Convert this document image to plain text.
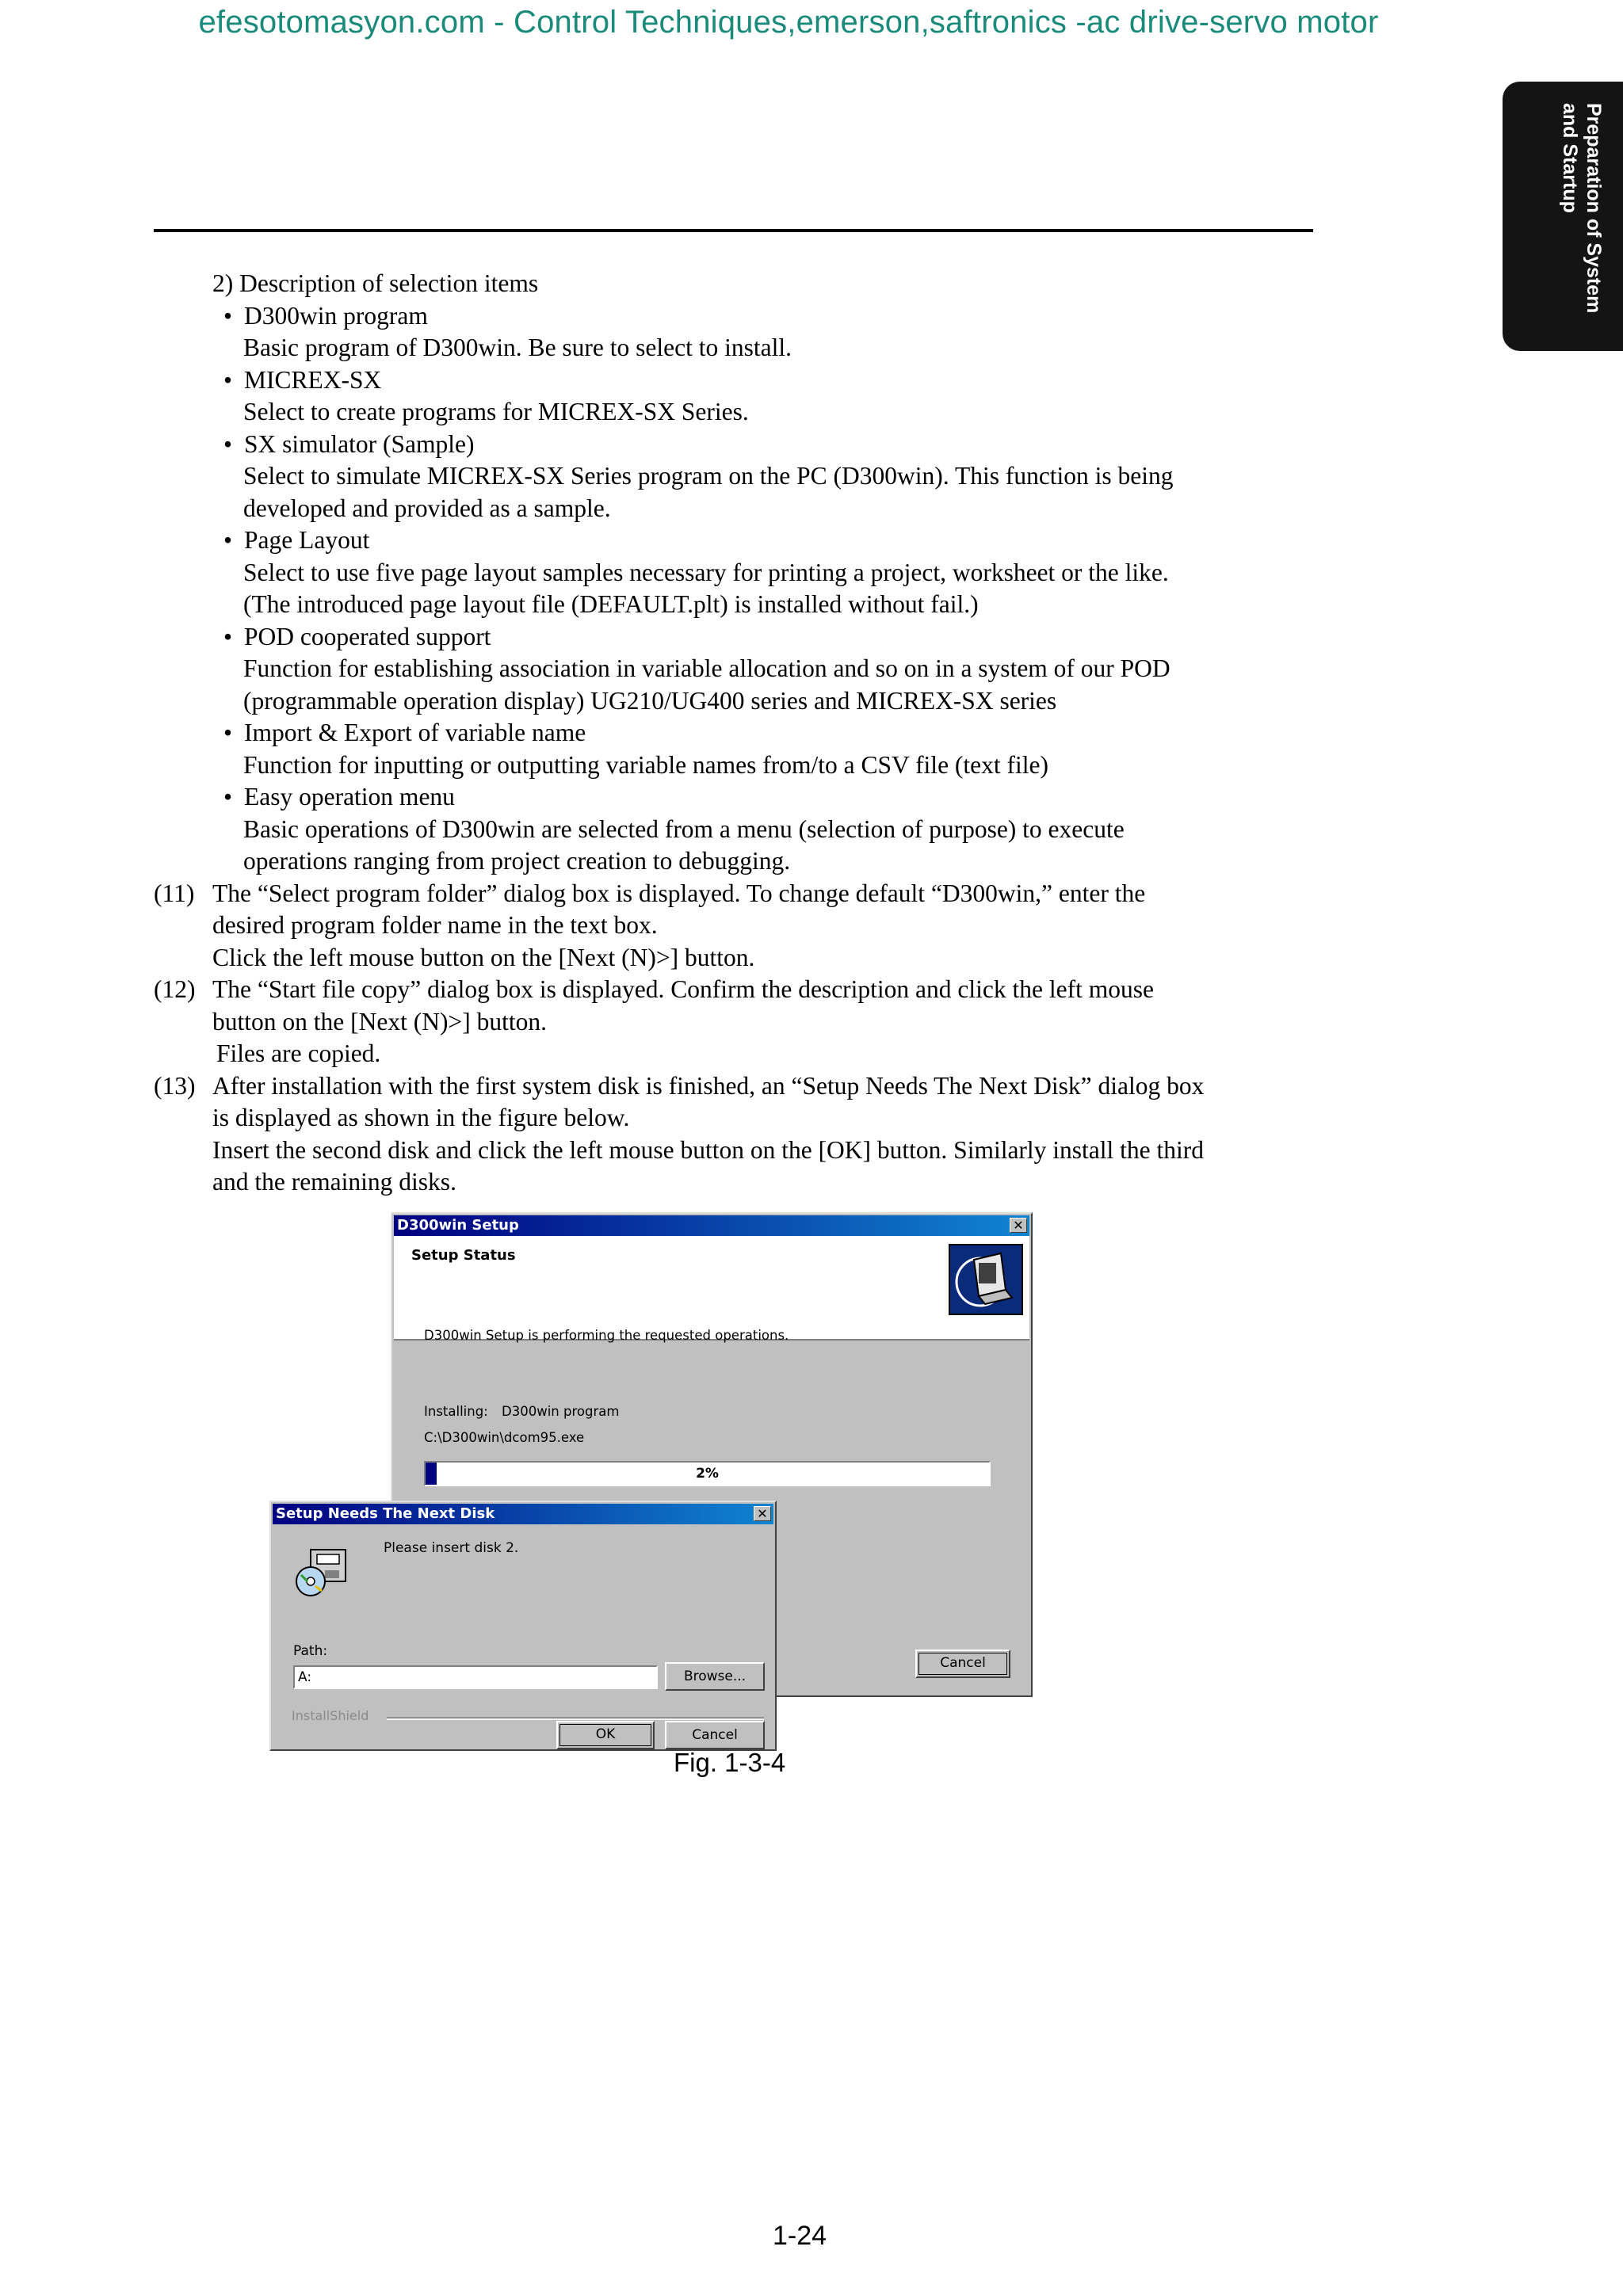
efesotomasyon.com - Control Techniques,emerson,saftronics -ac drive-servo motor
Preparation of System
and Startup
2) Description of selection items
• D300win program
Basic program of D300win. Be sure to select to install.
• MICREX-SX
Select to create programs for MICREX-SX Series.
• SX simulator (Sample)
Select to simulate MICREX-SX Series program on the PC (D300win). This function is being
developed and provided as a sample.
• Page Layout
Select to use five page layout samples necessary for printing a project, worksheet or the like.
(The introduced page layout file (DEFAULT.plt) is installed without fail.)
• POD cooperated support
Function for establishing association in variable allocation and so on in a system of our POD
(programmable operation display) UG210/UG400 series and MICREX-SX series
• Import & Export of variable name
Function for inputting or outputting variable names from/to a CSV file (text file)
• Easy operation menu
Basic operations of D300win are selected from a menu (selection of purpose) to execute
operations ranging from project creation to debugging.
(11) The “Select program folder” dialog box is displayed. To change default “D300win,” enter the
desired program folder name in the text box.
Click the left mouse button on the [Next (N)>] button.
(12) The “Start file copy” dialog box is displayed. Confirm the description and click the left mouse
button on the [Next (N)>] button.
Files are copied.
(13) After installation with the first system disk is finished, an “Setup Needs The Next Disk” dialog box
is displayed as shown in the figure below.
Insert the second disk and click the left mouse button on the [OK] button. Similarly install the third
and the remaining disks.
D300win Setup	✕
Setup Status
D300win Setup is performing the requested operations.
Installing: D300win program
C:\D300win\dcom95.exe
2%
Cancel
Setup Needs The Next Disk	✕
Please insert disk 2.
Path:
A:	Browse...
InstallShield
OK	Cancel
Fig. 1-3-4
1-24
